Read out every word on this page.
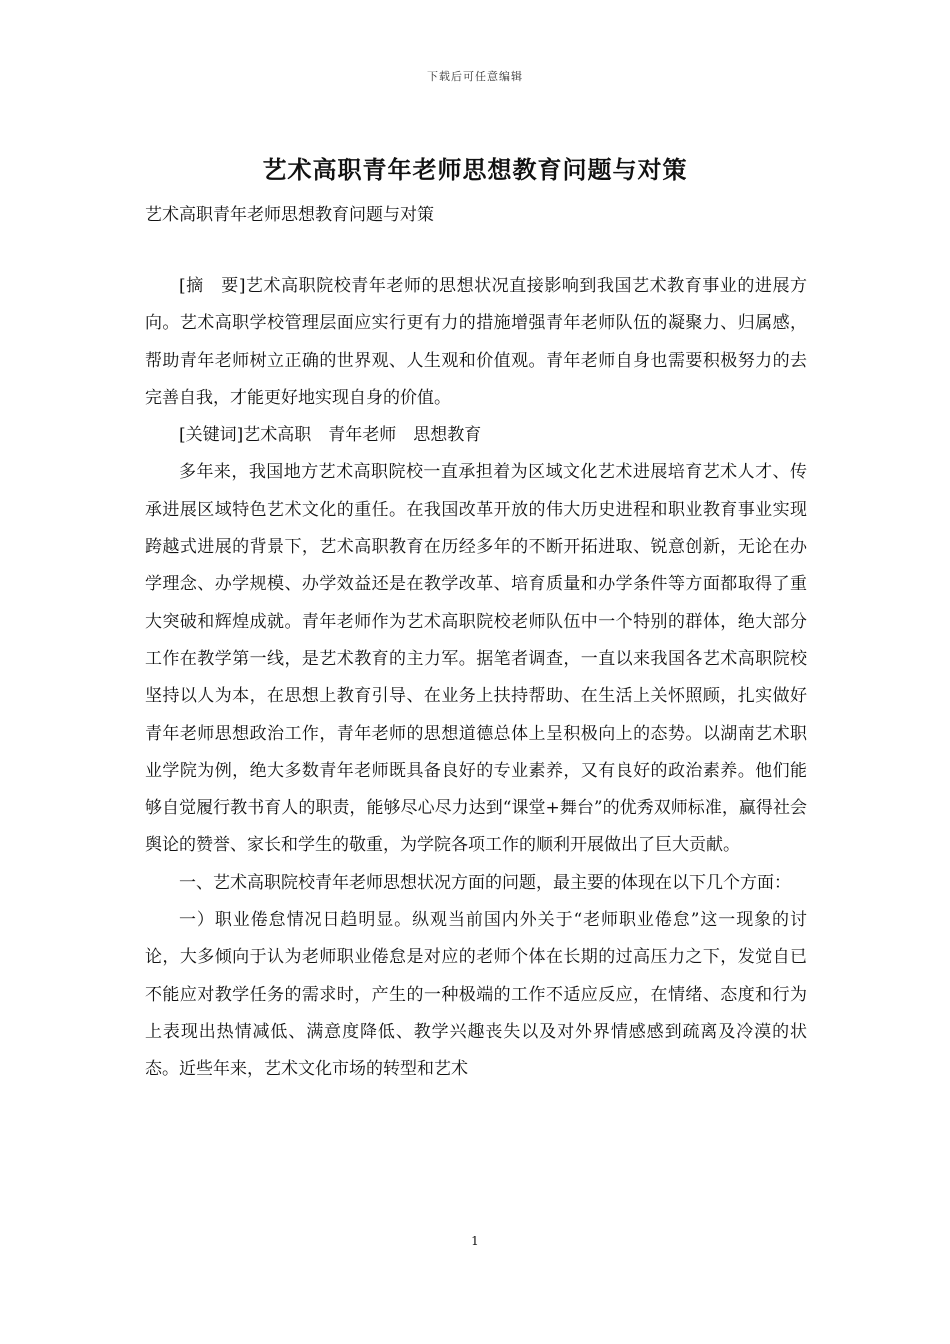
下载后可任意编辑
艺术高职青年老师思想教育问题与对策

艺术高职青年老师思想教育问题与对策

[摘　要]艺术高职院校青年老师的思想状况直接影响到我国艺术教育事业的进展方向。艺术高职学校管理层面应实行更有力的措施增强青年老师队伍的凝聚力、归属感，帮助青年老师树立正确的世界观、人生观和价值观。青年老师自身也需要积极努力的去完善自我，才能更好地实现自身的价值。

[关键词]艺术高职　青年老师　思想教育

多年来，我国地方艺术高职院校一直承担着为区域文化艺术进展培育艺术人才、传承进展区域特色艺术文化的重任。在我国改革开放的伟大历史进程和职业教育事业实现跨越式进展的背景下，艺术高职教育在历经多年的不断开拓进取、锐意创新，无论在办学理念、办学规模、办学效益还是在教学改革、培育质量和办学条件等方面都取得了重大突破和辉煌成就。青年老师作为艺术高职院校老师队伍中一个特别的群体，绝大部分工作在教学第一线，是艺术教育的主力军。据笔者调查，一直以来我国各艺术高职院校坚持以人为本，在思想上教育引导、在业务上扶持帮助、在生活上关怀照顾，扎实做好青年老师思想政治工作，青年老师的思想道德总体上呈积极向上的态势。以湖南艺术职业学院为例，绝大多数青年老师既具备良好的专业素养，又有良好的政治素养。他们能够自觉履行教书育人的职责，能够尽心尽力达到“课堂+舞台”的优秀双师标准，赢得社会舆论的赞誉、家长和学生的敬重，为学院各项工作的顺利开展做出了巨大贡献。

一、艺术高职院校青年老师思想状况方面的问题，最主要的体现在以下几个方面：

一）职业倦怠情况日趋明显。纵观当前国内外关于“老师职业倦怠”这一现象的讨论，大多倾向于认为老师职业倦怠是对应的老师个体在长期的过高压力之下，发觉自已不能应对教学任务的需求时，产生的一种极端的工作不适应反应，在情绪、态度和行为上表现出热情减低、满意度降低、教学兴趣丧失以及对外界情感感到疏离及冷漠的状态。近些年来，艺术文化市场的转型和艺术

1
